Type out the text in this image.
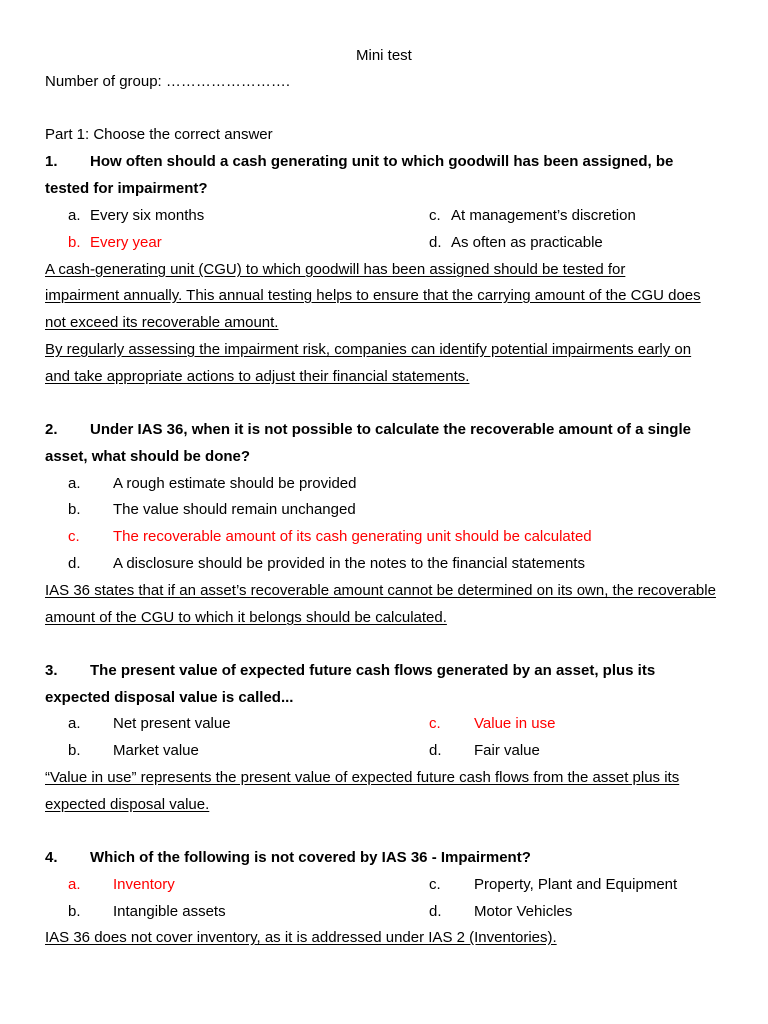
Mini test
Number of group: …………………….
Part 1: Choose the correct answer
1. How often should a cash generating unit to which goodwill has been assigned, be
tested for impairment?
a. Every six months
b. Every year
c. At management’s discretion
d. As often as practicable
A cash-generating unit (CGU) to which goodwill has been assigned should be tested for
impairment annually. This annual testing helps to ensure that the carrying amount of the CGU does
not exceed its recoverable amount.
By regularly assessing the impairment risk, companies can identify potential impairments early on
and take appropriate actions to adjust their financial statements.
2. Under IAS 36, when it is not possible to calculate the recoverable amount of a single
asset, what should be done?
a. A rough estimate should be provided
b. The value should remain unchanged
c. The recoverable amount of its cash generating unit should be calculated
d. A disclosure should be provided in the notes to the financial statements
IAS 36 states that if an asset’s recoverable amount cannot be determined on its own, the recoverable
amount of the CGU to which it belongs should be calculated.
3. The present value of expected future cash flows generated by an asset, plus its
expected disposal value is called...
a. Net present value
b. Market value
c. Value in use
d. Fair value
“Value in use” represents the present value of expected future cash flows from the asset plus its
expected disposal value.
4. Which of the following is not covered by IAS 36 - Impairment?
a. Inventory
b. Intangible assets
c. Property, Plant and Equipment
d. Motor Vehicles
IAS 36 does not cover inventory, as it is addressed under IAS 2 (Inventories).
